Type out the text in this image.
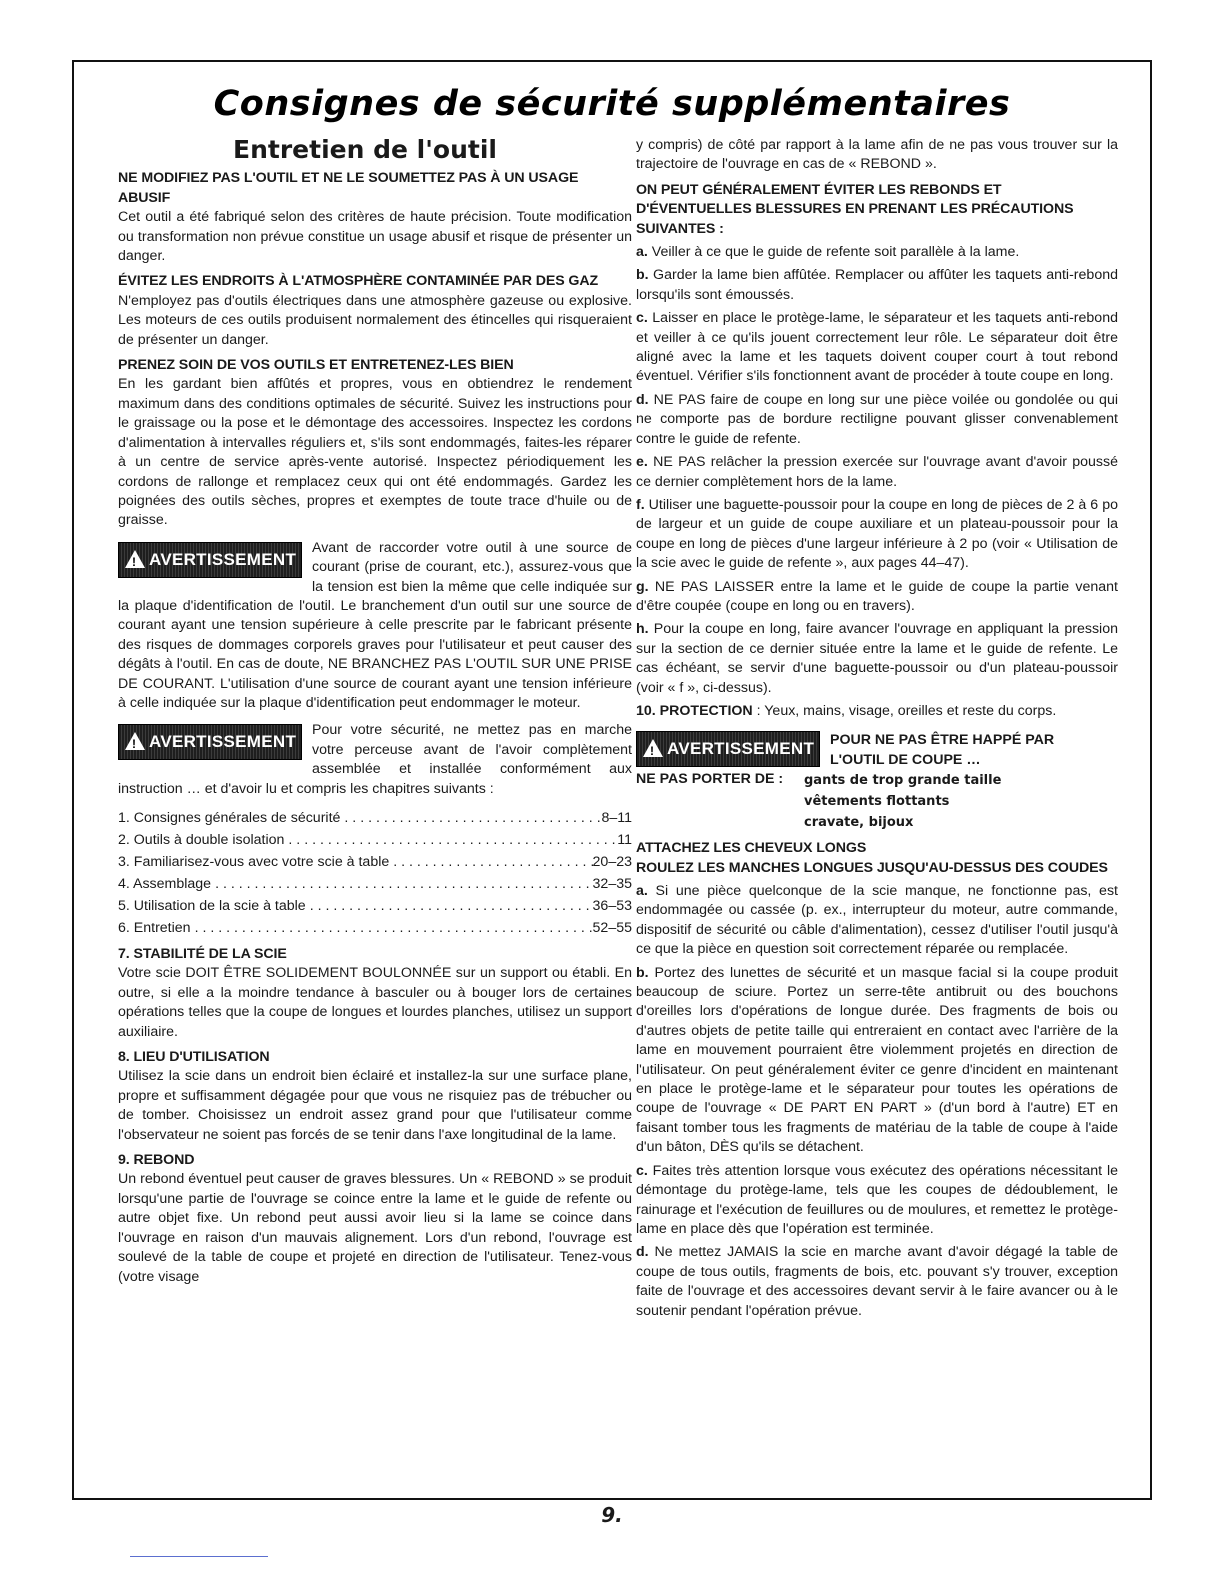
Consignes de sécurité supplémentaires
Entretien de l'outil
NE MODIFIEZ PAS L'OUTIL ET NE LE SOUMETTEZ PAS À UN USAGE ABUSIF

Cet outil a été fabriqué selon des critères de haute précision. Toute modification ou transformation non prévue constitue un usage abusif et risque de présenter un danger.

ÉVITEZ LES ENDROITS À L'ATMOSPHÈRE CONTAMINÉE PAR DES GAZ

N'employez pas d'outils électriques dans une atmosphère gazeuse ou explosive. Les moteurs de ces outils produisent normalement des étincelles qui risqueraient de présenter un danger.

PRENEZ SOIN DE VOS OUTILS ET ENTRETENEZ-LES BIEN

En les gardant bien affûtés et propres, vous en obtiendrez le rendement maximum dans des conditions optimales de sécurité. Suivez les instructions pour le graissage ou la pose et le démontage des accessoires. Inspectez les cordons d'alimentation à intervalles réguliers et, s'ils sont endommagés, faites-les réparer à un centre de service après-vente autorisé. Inspectez périodiquement les cordons de rallonge et remplacez ceux qui ont été endommagés. Gardez les poignées des outils sèches, propres et exemptes de toute trace d'huile ou de graisse.

!
AVERTISSEMENT

Avant de raccorder votre outil à une source de courant (prise de courant, etc.), assurez-vous que la tension est bien la même que celle indiquée sur la plaque d'identification de l'outil. Le branchement d'un outil sur une source de courant ayant une tension supérieure à celle prescrite par le fabricant présente des risques de dommages corporels graves pour l'utilisateur et peut causer des dégâts à l'outil. En cas de doute, NE BRANCHEZ PAS L'OUTIL SUR UNE PRISE DE COURANT. L'utilisation d'une source de courant ayant une tension inférieure à celle indiquée sur la plaque d'identification peut endommager le moteur.

!
AVERTISSEMENT

Pour votre sécurité, ne mettez pas en marche votre perceuse avant de l'avoir complètement assemblée et installée conformément aux instruction … et d'avoir lu et compris les chapitres suivants :

1. Consignes générales de sécurité . . .	8–11
2. Outils à double isolation . . .	11
3. Familiarisez-vous avec votre scie à table . . .	20–23
4. Assemblage . . .	32–35
5. Utilisation de la scie à table . . .	36–53
6. Entretien . . .	52–55
7. STABILITÉ DE LA SCIE

Votre scie DOIT ÊTRE SOLIDEMENT BOULONNÉE sur un support ou établi. En outre, si elle a la moindre tendance à basculer ou à bouger lors de certaines opérations telles que la coupe de longues et lourdes planches, utilisez un support auxiliaire.

8. LIEU D'UTILISATION

Utilisez la scie dans un endroit bien éclairé et installez-la sur une surface plane, propre et suffisamment dégagée pour que vous ne risquiez pas de trébucher ou de tomber. Choisissez un endroit assez grand pour que l'utilisateur comme l'observateur ne soient pas forcés de se tenir dans l'axe longitudinal de la lame.

9. REBOND

Un rebond éventuel peut causer de graves blessures. Un « REBOND » se produit lorsqu'une partie de l'ouvrage se coince entre la lame et le guide de refente ou autre objet fixe. Un rebond peut aussi avoir lieu si la lame se coince dans l'ouvrage en raison d'un mauvais alignement. Lors d'un rebond, l'ouvrage est soulevé de la table de coupe et projeté en direction de l'utilisateur. Tenez-vous (votre visage

y compris) de côté par rapport à la lame afin de ne pas vous trouver sur la trajectoire de l'ouvrage en cas de « REBOND ».

ON PEUT GÉNÉRALEMENT ÉVITER LES REBONDS ET D'ÉVENTUELLES BLESSURES EN PRENANT LES PRÉCAUTIONS SUIVANTES :

a. Veiller à ce que le guide de refente soit parallèle à la lame.

b. Garder la lame bien affûtée. Remplacer ou affûter les taquets anti-rebond lorsqu'ils sont émoussés.

c. Laisser en place le protège-lame, le séparateur et les taquets anti-rebond et veiller à ce qu'ils jouent correctement leur rôle. Le séparateur doit être aligné avec la lame et les taquets doivent couper court à tout rebond éventuel. Vérifier s'ils fonctionnent avant de procéder à toute coupe en long.

d. NE PAS faire de coupe en long sur une pièce voilée ou gondolée ou qui ne comporte pas de bordure rectiligne pouvant glisser convenablement contre le guide de refente.

e. NE PAS relâcher la pression exercée sur l'ouvrage avant d'avoir poussé ce dernier complètement hors de la lame.

f. Utiliser une baguette-poussoir pour la coupe en long de pièces de 2 à 6 po de largeur et un guide de coupe auxiliare et un plateau-poussoir pour la coupe en long de pièces d'une largeur inférieure à 2 po (voir « Utilisation de la scie avec le guide de refente », aux pages 44–47).

g. NE PAS LAISSER entre la lame et le guide de coupe la partie venant d'être coupée (coupe en long ou en travers).

h. Pour la coupe en long, faire avancer l'ouvrage en appliquant la pression sur la section de ce dernier située entre la lame et le guide de refente. Le cas échéant, se servir d'une baguette-poussoir ou d'un plateau-poussoir (voir « f », ci-dessus).

10. PROTECTION : Yeux, mains, visage, oreilles et reste du corps.

!
AVERTISSEMENT	POUR NE PAS ÊTRE HAPPÉ PAR
L'OUTIL DE COUPE …
NE PAS PORTER DE :	gants de trop grande taille
vêtements flottants
cravate, bijoux
ATTACHEZ LES CHEVEUX LONGS
ROULEZ LES MANCHES LONGUES JUSQU'AU-DESSUS DES COUDES

a. Si une pièce quelconque de la scie manque, ne fonctionne pas, est endommagée ou cassée (p. ex., interrupteur du moteur, autre commande, dispositif de sécurité ou câble d'alimentation), cessez d'utiliser l'outil jusqu'à ce que la pièce en question soit correctement réparée ou remplacée.

b. Portez des lunettes de sécurité et un masque facial si la coupe produit beaucoup de sciure. Portez un serre-tête antibruit ou des bouchons d'oreilles lors d'opérations de longue durée. Des fragments de bois ou d'autres objets de petite taille qui entreraient en contact avec l'arrière de la lame en mouvement pourraient être violemment projetés en direction de l'utilisateur. On peut généralement éviter ce genre d'incident en maintenant en place le protège-lame et le séparateur pour toutes les opérations de coupe de l'ouvrage « DE PART EN PART » (d'un bord à l'autre) ET en faisant tomber tous les fragments de matériau de la table de coupe à l'aide d'un bâton, DÈS qu'ils se détachent.

c. Faites très attention lorsque vous exécutez des opérations nécessitant le démontage du protège-lame, tels que les coupes de dédoublement, le rainurage et l'exécution de feuillures ou de moulures, et remettez le protège-lame en place dès que l'opération est terminée.

d. Ne mettez JAMAIS la scie en marche avant d'avoir dégagé la table de coupe de tous outils, fragments de bois, etc. pouvant s'y trouver, exception faite de l'ouvrage et des accessoires devant servir à le faire avancer ou à le soutenir pendant l'opération prévue.

9.
